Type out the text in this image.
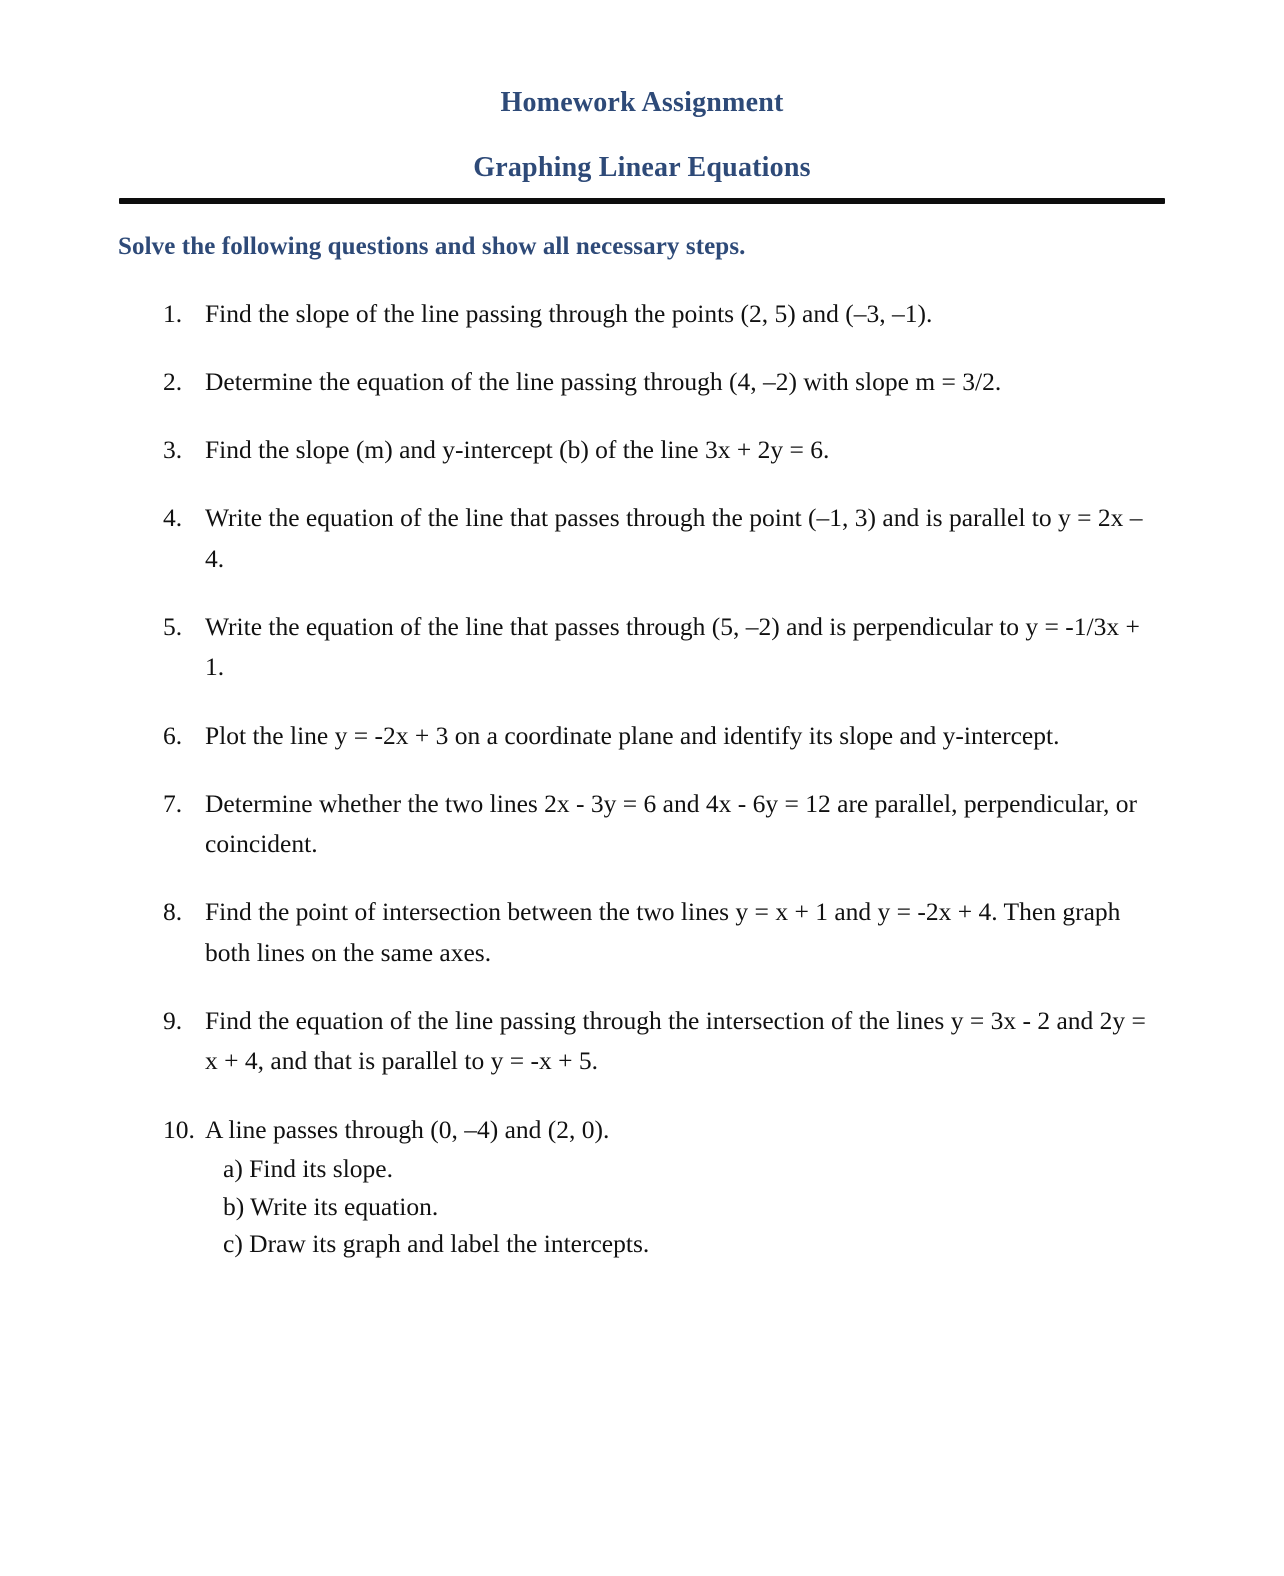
Homework Assignment
Graphing Linear Equations

Solve the following questions and show all necessary steps.

1. Find the slope of the line passing through the points (2, 5) and (–3, –1).
2. Determine the equation of the line passing through (4, –2) with slope m = 3/2.
3. Find the slope (m) and y-intercept (b) of the line 3x + 2y = 6.
4. Write the equation of the line that passes through the point (–1, 3) and is parallel to y = 2x – 4.
5. Write the equation of the line that passes through (5, –2) and is perpendicular to y = -1/3x + 1.
6. Plot the line y = -2x + 3 on a coordinate plane and identify its slope and y-intercept.
7. Determine whether the two lines 2x - 3y = 6 and 4x - 6y = 12 are parallel, perpendicular, or coincident.
8. Find the point of intersection between the two lines y = x + 1 and y = -2x + 4. Then graph both lines on the same axes.
9. Find the equation of the line passing through the intersection of the lines y = 3x - 2 and 2y = x + 4, and that is parallel to y = -x + 5.
10. A line passes through (0, –4) and (2, 0).
a) Find its slope.
b) Write its equation.
c) Draw its graph and label the intercepts.
